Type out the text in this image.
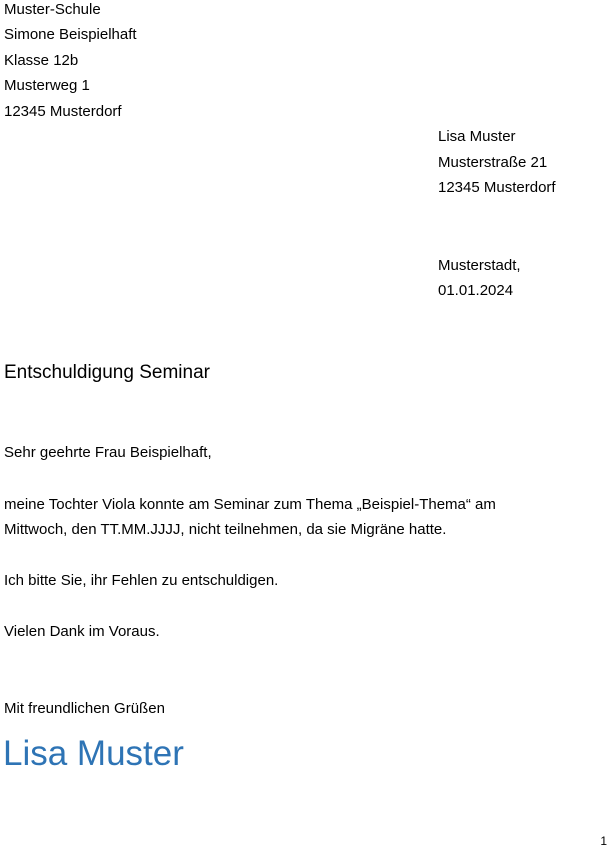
Muster-Schule
Simone Beispielhaft
Klasse 12b
Musterweg 1
12345 Musterdorf
Lisa Muster
Musterstraße 21
12345 Musterdorf
Musterstadt,
01.01.2024
Entschuldigung Seminar
Sehr geehrte Frau Beispielhaft,
meine Tochter Viola konnte am Seminar zum Thema „Beispiel-Thema“ am
Mittwoch, den TT.MM.JJJJ, nicht teilnehmen, da sie Migräne hatte.
Ich bitte Sie, ihr Fehlen zu entschuldigen.
Vielen Dank im Voraus.
Mit freundlichen Grüßen
Lisa Muster
1
